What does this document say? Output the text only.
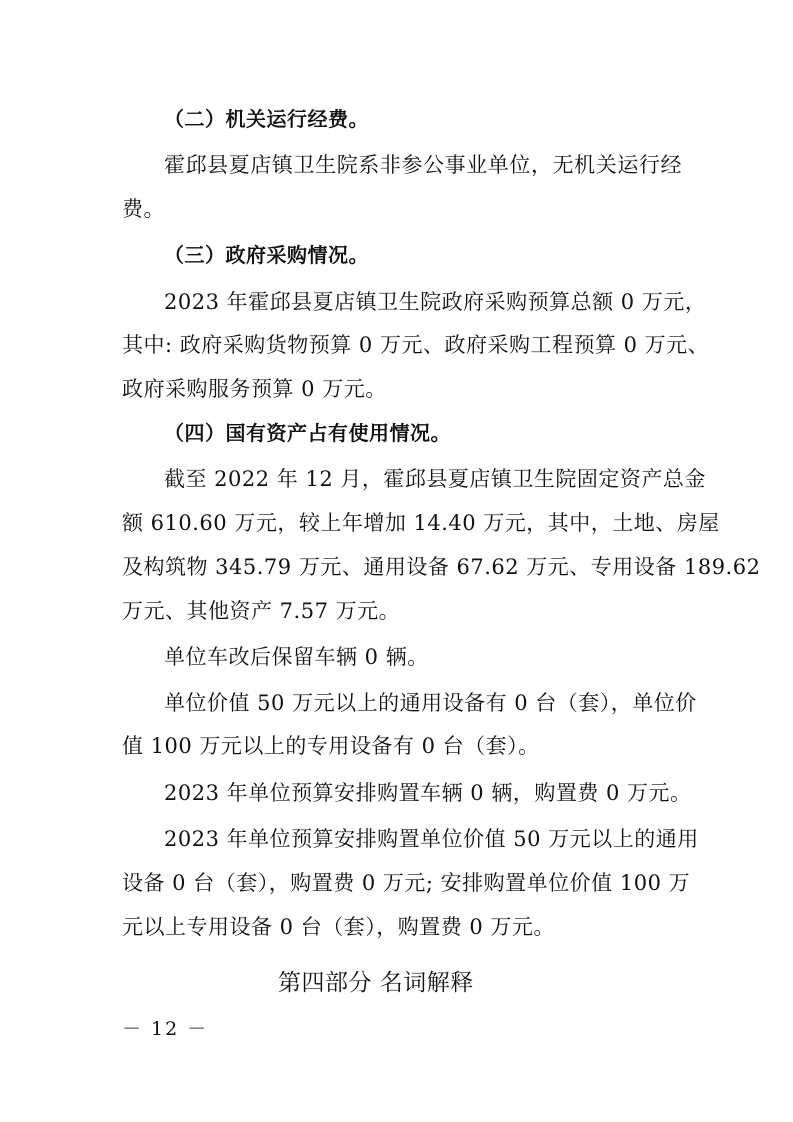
（二）机关运行经费。
霍邱县夏店镇卫生院系非参公事业单位，无机关运行经
费。
（三）政府采购情况。
2023 年霍邱县夏店镇卫生院政府采购预算总额 0 万元，
其中: 政府采购货物预算 0 万元、政府采购工程预算 0 万元、
政府采购服务预算 0 万元。
（四）国有资产占有使用情况。
截至 2022 年 12 月，霍邱县夏店镇卫生院固定资产总金
额 610.60 万元，较上年增加 14.40 万元，其中，土地、房屋
及构筑物 345.79 万元、通用设备 67.62 万元、专用设备 189.62
万元、其他资产 7.57 万元。
单位车改后保留车辆 0 辆。
单位价值 50 万元以上的通用设备有 0 台（套），单位价
值 100 万元以上的专用设备有 0 台（套）。
2023 年单位预算安排购置车辆 0 辆，购置费 0 万元。
2023 年单位预算安排购置单位价值 50 万元以上的通用
设备 0 台（套），购置费 0 万元; 安排购置单位价值 100 万
元以上专用设备 0 台（套），购置费 0 万元。
第四部分 名词解释
－ 12 －
